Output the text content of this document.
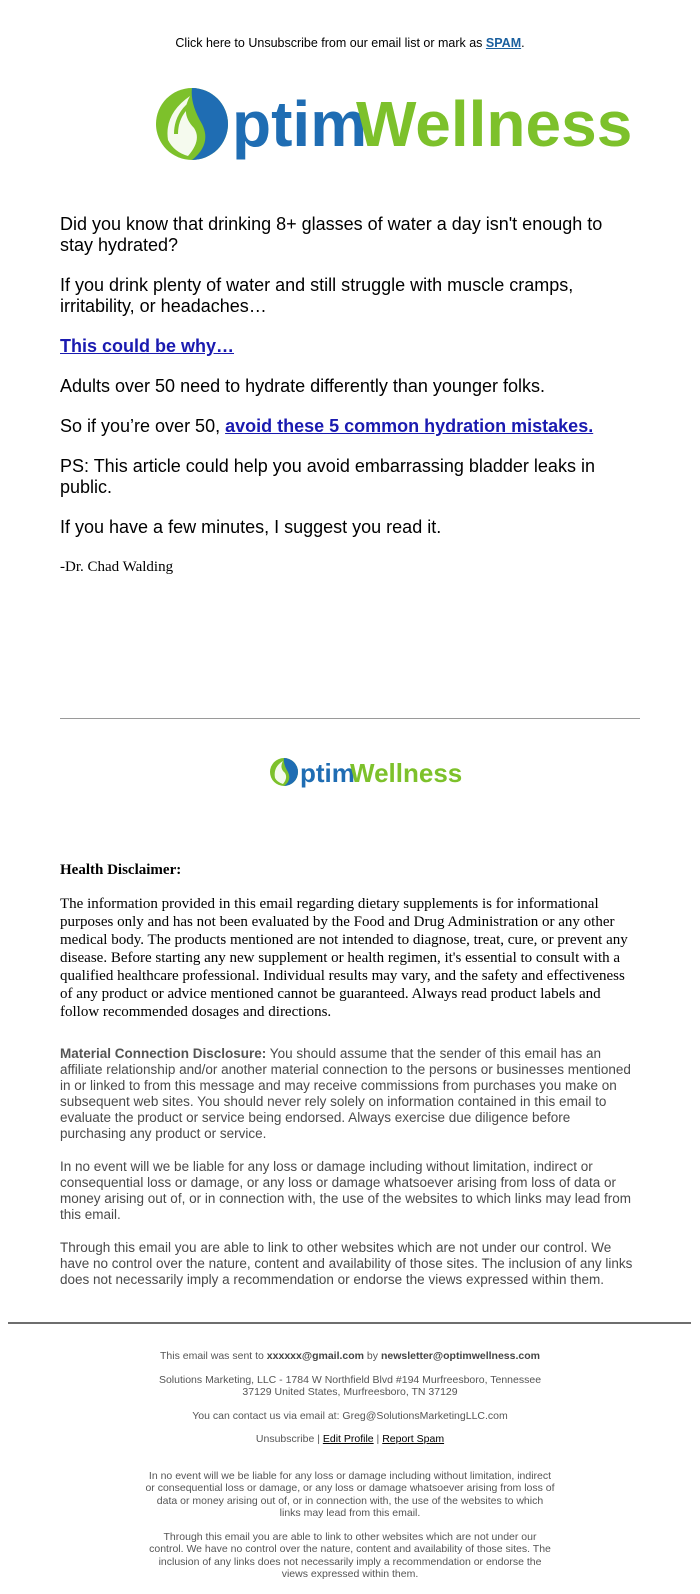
Click here to Unsubscribe from our email list or mark as SPAM.
ptim
Wellness

Did you know that drinking 8+ glasses of water a day isn't enough to stay hydrated?

If you drink plenty of water and still struggle with muscle cramps, irritability, or headaches…

This could be why…

Adults over 50 need to hydrate differently than younger folks.

So if you’re over 50, avoid these 5 common hydration mistakes.

PS: This article could help you avoid embarrassing bladder leaks in public.

If you have a few minutes, I suggest you read it.

-Dr. Chad Walding

ptim
Wellness
Health Disclaimer:

The information provided in this email regarding dietary supplements is for informational purposes only and has not been evaluated by the Food and Drug Administration or any other medical body. The products mentioned are not intended to diagnose, treat, cure, or prevent any disease. Before starting any new supplement or health regimen, it's essential to consult with a qualified healthcare professional. Individual results may vary, and the safety and effectiveness of any product or advice mentioned cannot be guaranteed. Always read product labels and follow recommended dosages and directions.

Material Connection Disclosure: You should assume that the sender of this email has an affiliate relationship and/or another material connection to the persons or businesses mentioned in or linked to from this message and may receive commissions from purchases you make on subsequent web sites. You should never rely solely on information contained in this email to evaluate the product or service being endorsed. Always exercise due diligence before purchasing any product or service.

In no event will we be liable for any loss or damage including without limitation, indirect or consequential loss or damage, or any loss or damage whatsoever arising from loss of data or money arising out of, or in connection with, the use of the websites to which links may lead from this email.

Through this email you are able to link to other websites which are not under our control. We have no control over the nature, content and availability of those sites. The inclusion of any links does not necessarily imply a recommendation or endorse the views expressed within them.

This email was sent to xxxxxx@gmail.com by newsletter@optimwellness.com

Solutions Marketing, LLC - 1784 W Northfield Blvd #194 Murfreesboro, Tennessee 37129 United States, Murfreesboro, TN 37129

You can contact us via email at: Greg@SolutionsMarketingLLC.com

Unsubscribe | Edit Profile | Report Spam

In no event will we be liable for any loss or damage including without limitation, indirect or consequential loss or damage, or any loss or damage whatsoever arising from loss of data or money arising out of, or in connection with, the use of the websites to which links may lead from this email.

Through this email you are able to link to other websites which are not under our control. We have no control over the nature, content and availability of those sites. The inclusion of any links does not necessarily imply a recommendation or endorse the views expressed within them.
